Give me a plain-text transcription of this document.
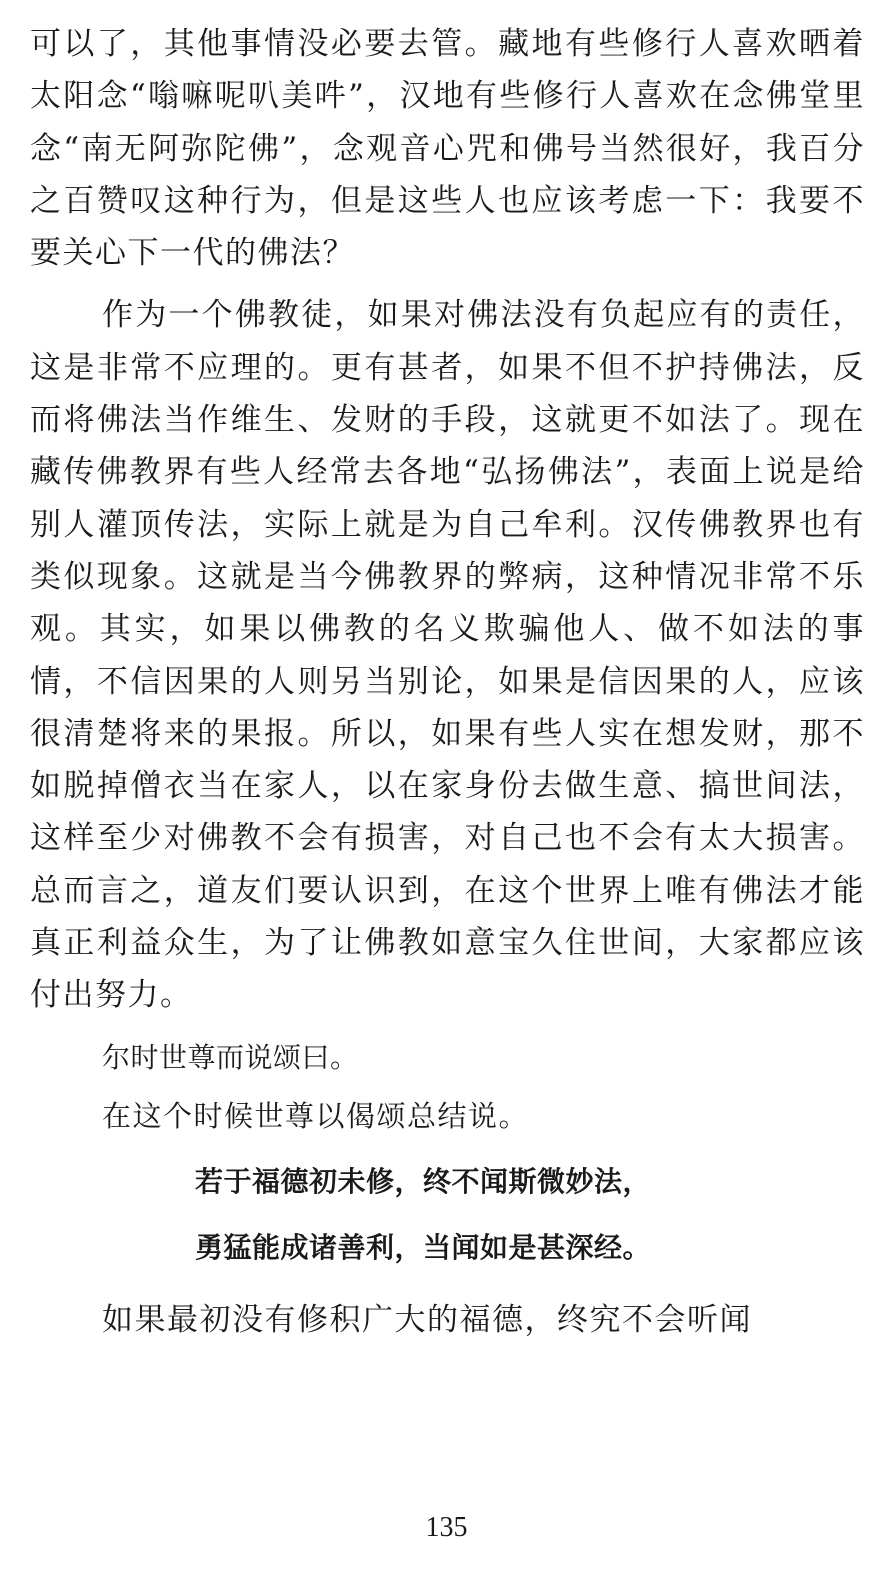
可以了，其他事情没必要去管。藏地有些修行人喜欢晒着太阳念“嗡嘛呢叭美吽”，汉地有些修行人喜欢在念佛堂里念“南无阿弥陀佛”，念观音心咒和佛号当然很好，我百分之百赞叹这种行为，但是这些人也应该考虑一下：我要不要关心下一代的佛法？

作为一个佛教徒，如果对佛法没有负起应有的责任，这是非常不应理的。更有甚者，如果不但不护持佛法，反而将佛法当作维生、发财的手段，这就更不如法了。现在藏传佛教界有些人经常去各地“弘扬佛法”，表面上说是给别人灌顶传法，实际上就是为自己牟利。汉传佛教界也有类似现象。这就是当今佛教界的弊病，这种情况非常不乐观。其实，如果以佛教的名义欺骗他人、做不如法的事情，不信因果的人则另当别论，如果是信因果的人，应该很清楚将来的果报。所以，如果有些人实在想发财，那不如脱掉僧衣当在家人，以在家身份去做生意、搞世间法，这样至少对佛教不会有损害，对自己也不会有太大损害。总而言之，道友们要认识到，在这个世界上唯有佛法才能真正利益众生，为了让佛教如意宝久住世间，大家都应该付出努力。

尔时世尊而说颂曰。

在这个时候世尊以偈颂总结说。

若于福德初未修，终不闻斯微妙法，

勇猛能成诸善利，当闻如是甚深经。

如果最初没有修积广大的福德，终究不会听闻

135
